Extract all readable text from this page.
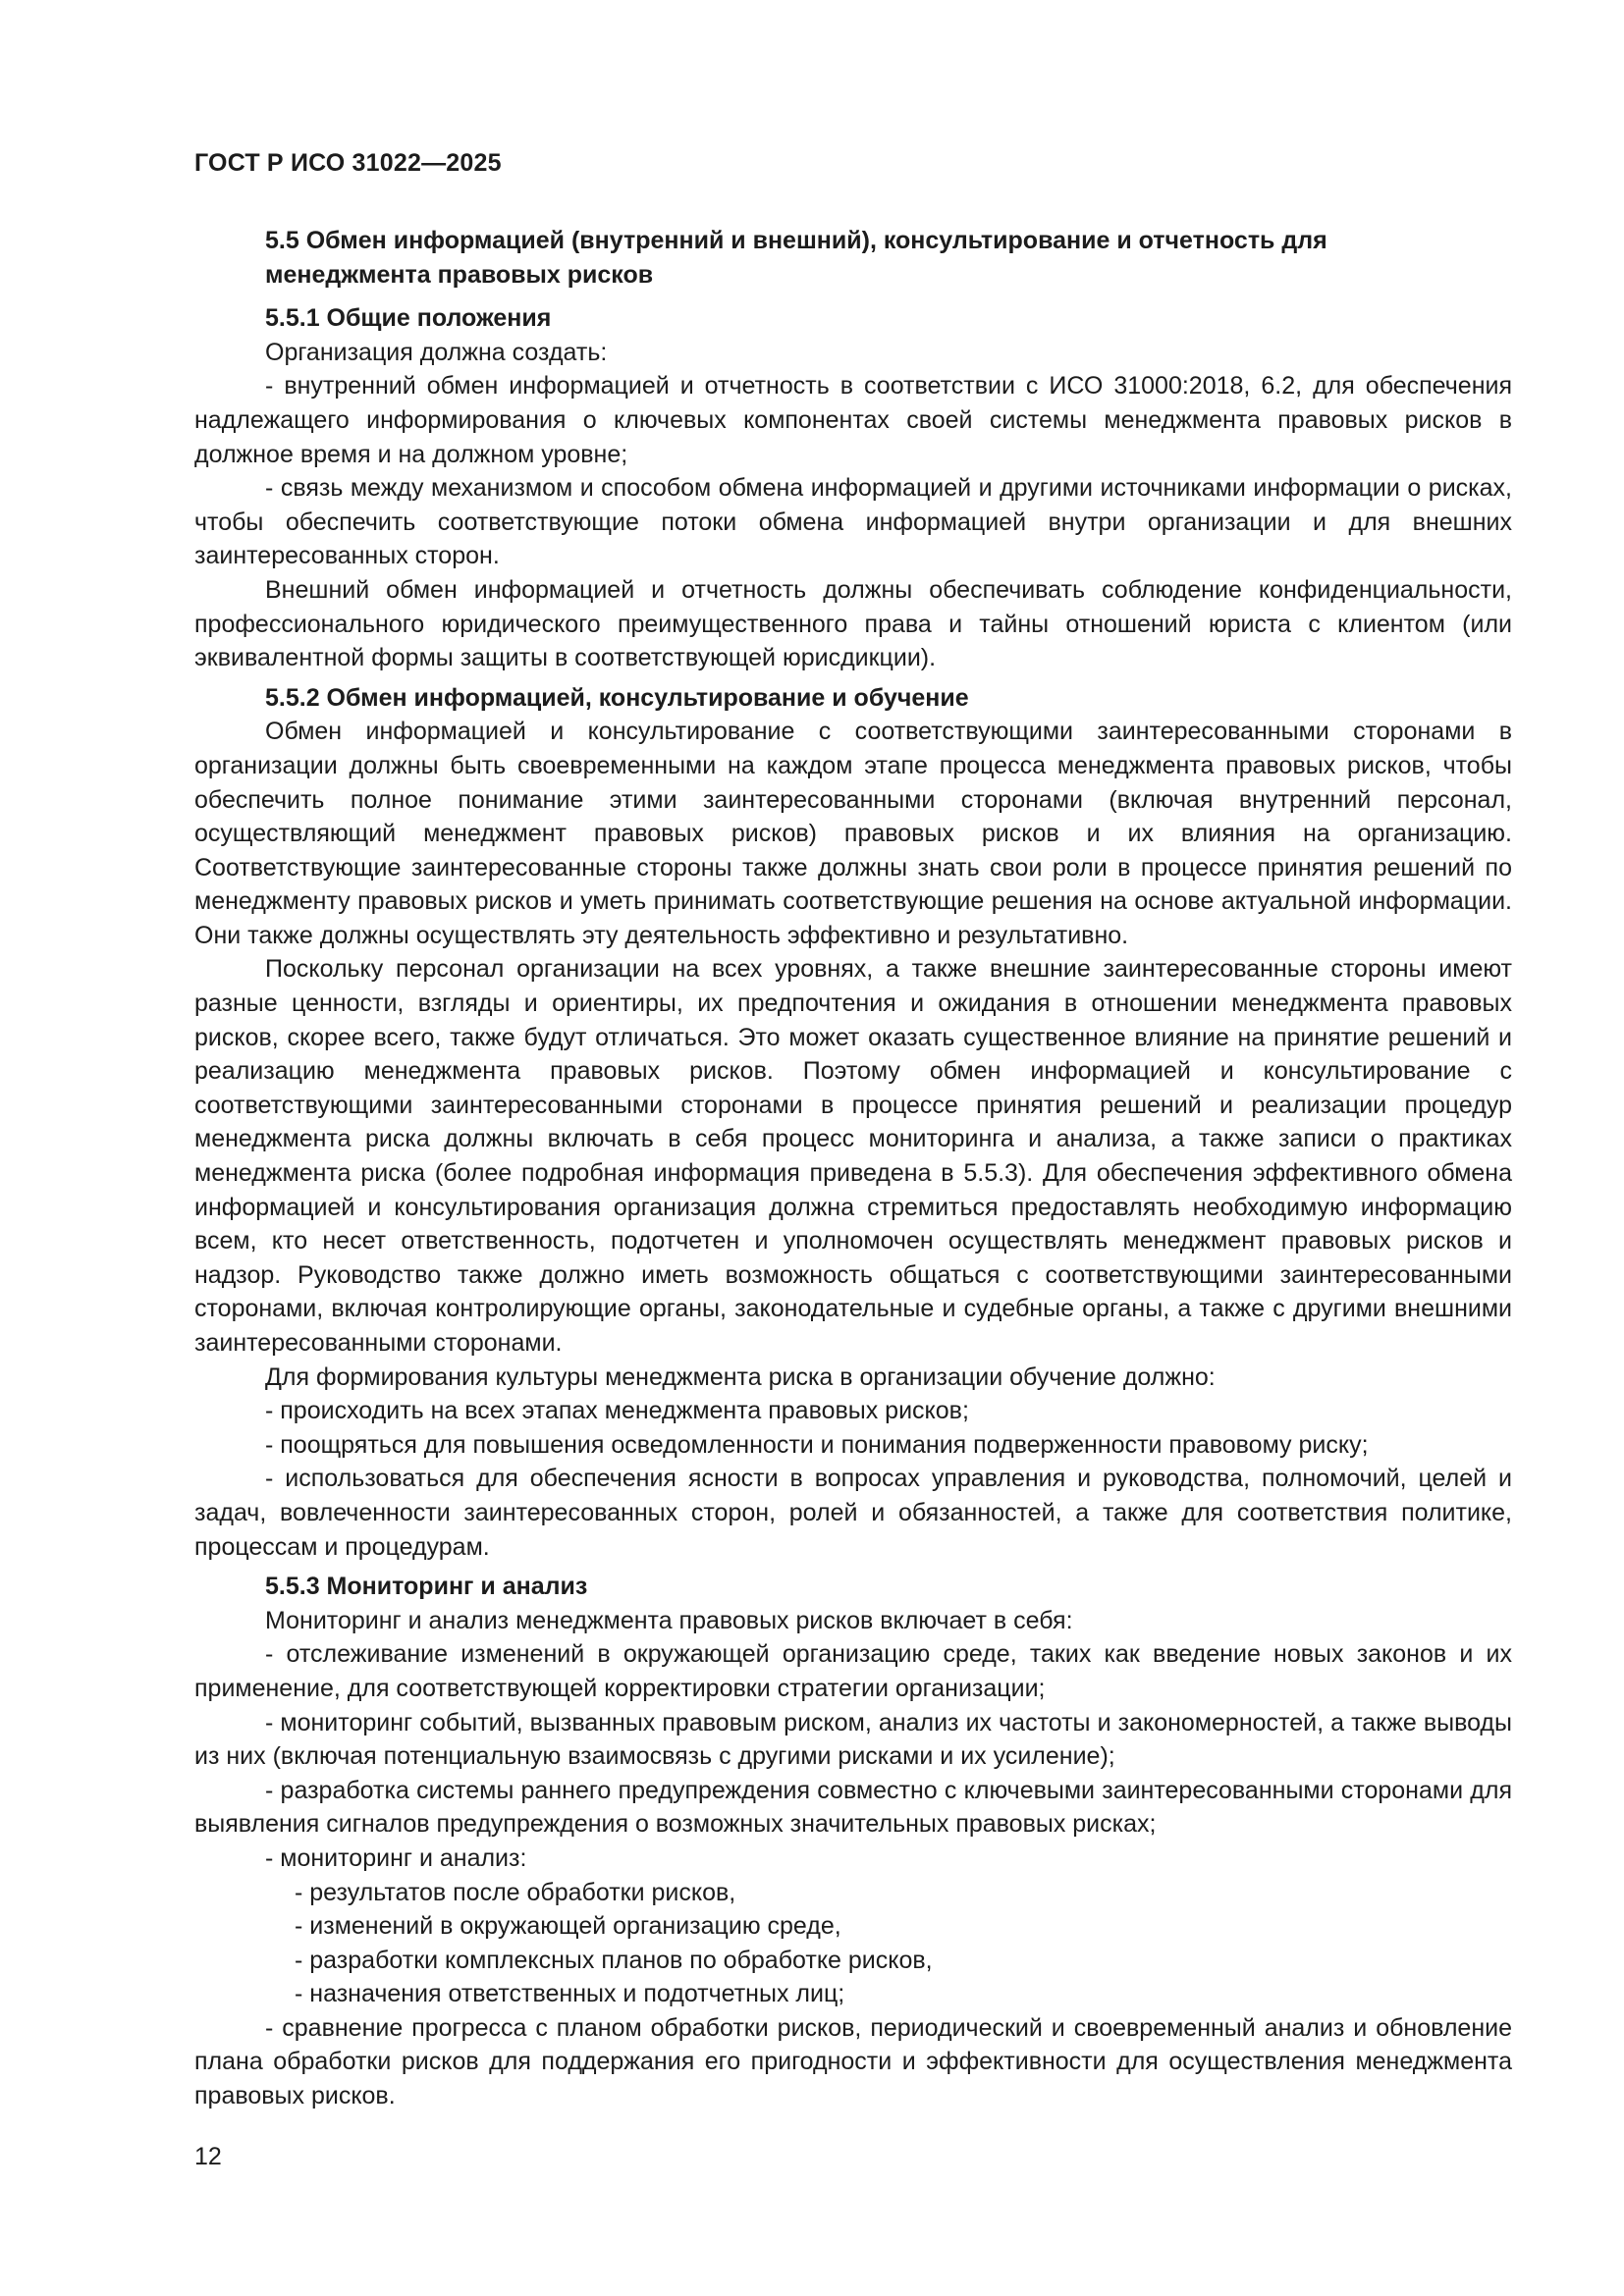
ГОСТ Р ИСО 31022—2025
5.5 Обмен информацией (внутренний и внешний), консультирование и отчетность для менеджмента правовых рисков
5.5.1 Общие положения

Организация должна создать:

- внутренний обмен информацией и отчетность в соответствии с ИСО 31000:2018, 6.2, для обеспечения надлежащего информирования о ключевых компонентах своей системы менеджмента правовых рисков в должное время и на должном уровне;

- связь между механизмом и способом обмена информацией и другими источниками информации о рисках, чтобы обеспечить соответствующие потоки обмена информацией внутри организации и для внешних заинтересованных сторон.

Внешний обмен информацией и отчетность должны обеспечивать соблюдение конфиденциальности, профессионального юридического преимущественного права и тайны отношений юриста с клиентом (или эквивалентной формы защиты в соответствующей юрисдикции).

5.5.2 Обмен информацией, консультирование и обучение

Обмен информацией и консультирование с соответствующими заинтересованными сторонами в организации должны быть своевременными на каждом этапе процесса менеджмента правовых рисков, чтобы обеспечить полное понимание этими заинтересованными сторонами (включая внутренний персонал, осуществляющий менеджмент правовых рисков) правовых рисков и их влияния на организацию. Соответствующие заинтересованные стороны также должны знать свои роли в процессе принятия решений по менеджменту правовых рисков и уметь принимать соответствующие решения на основе актуальной информации. Они также должны осуществлять эту деятельность эффективно и результативно.

Поскольку персонал организации на всех уровнях, а также внешние заинтересованные стороны имеют разные ценности, взгляды и ориентиры, их предпочтения и ожидания в отношении менеджмента правовых рисков, скорее всего, также будут отличаться. Это может оказать существенное влияние на принятие решений и реализацию менеджмента правовых рисков. Поэтому обмен информацией и консультирование с соответствующими заинтересованными сторонами в процессе принятия решений и реализации процедур менеджмента риска должны включать в себя процесс мониторинга и анализа, а также записи о практиках менеджмента риска (более подробная информация приведена в 5.5.3). Для обеспечения эффективного обмена информацией и консультирования организация должна стремиться предоставлять необходимую информацию всем, кто несет ответственность, подотчетен и уполномочен осуществлять менеджмент правовых рисков и надзор. Руководство также должно иметь возможность общаться с соответствующими заинтересованными сторонами, включая контролирующие органы, законодательные и судебные органы, а также с другими внешними заинтересованными сторонами.

Для формирования культуры менеджмента риска в организации обучение должно:

- происходить на всех этапах менеджмента правовых рисков;

- поощряться для повышения осведомленности и понимания подверженности правовому риску;

- использоваться для обеспечения ясности в вопросах управления и руководства, полномочий, целей и задач, вовлеченности заинтересованных сторон, ролей и обязанностей, а также для соответствия политике, процессам и процедурам.

5.5.3 Мониторинг и анализ

Мониторинг и анализ менеджмента правовых рисков включает в себя:

- отслеживание изменений в окружающей организацию среде, таких как введение новых законов и их применение, для соответствующей корректировки стратегии организации;

- мониторинг событий, вызванных правовым риском, анализ их частоты и закономерностей, а также выводы из них (включая потенциальную взаимосвязь с другими рисками и их усиление);

- разработка системы раннего предупреждения совместно с ключевыми заинтересованными сторонами для выявления сигналов предупреждения о возможных значительных правовых рисках;

- мониторинг и анализ:

- результатов после обработки рисков,

- изменений в окружающей организацию среде,

- разработки комплексных планов по обработке рисков,

- назначения ответственных и подотчетных лиц;

- сравнение прогресса с планом обработки рисков, периодический и своевременный анализ и обновление плана обработки рисков для поддержания его пригодности и эффективности для осуществления менеджмента правовых рисков.

12
